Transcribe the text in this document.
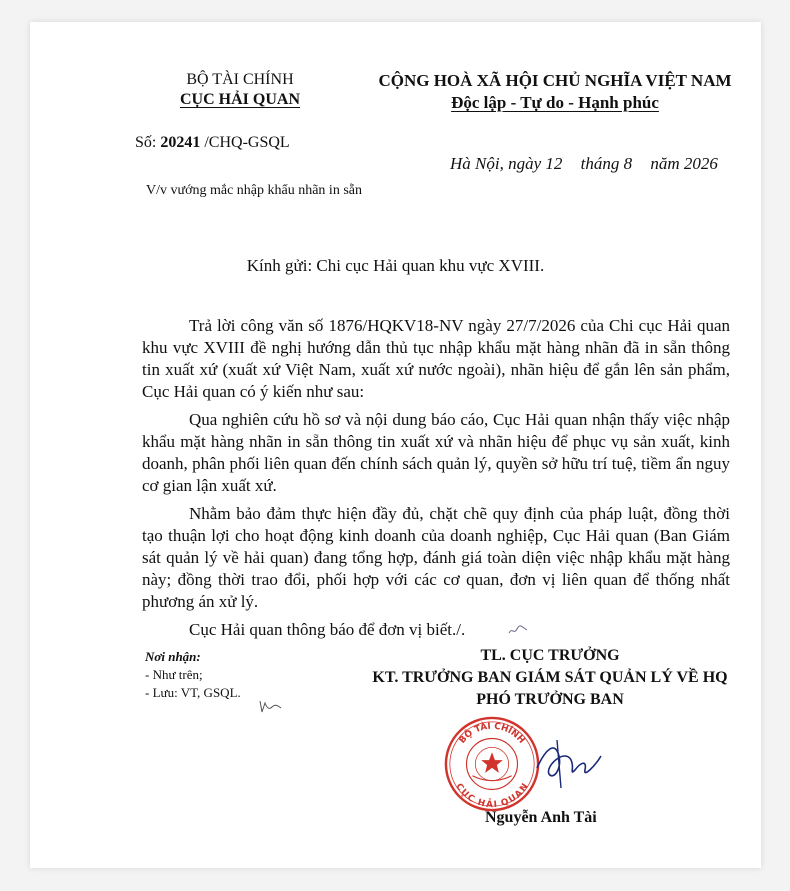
BỘ TÀI CHÍNH
CỤC HẢI QUAN
CỘNG HOÀ XÃ HỘI CHỦ NGHĨA VIỆT NAM
Độc lập - Tự do - Hạnh phúc
Số: 20241 /CHQ-GSQL
V/v vướng mắc nhập khẩu nhãn in sẵn
Hà Nội, ngày 12 tháng 8 năm 2026
Kính gửi: Chi cục Hải quan khu vực XVIII.

Trả lời công văn số 1876/HQKV18-NV ngày 27/7/2026 của Chi cục Hải quan khu vực XVIII đề nghị hướng dẫn thủ tục nhập khẩu mặt hàng nhãn đã in sẵn thông tin xuất xứ (xuất xứ Việt Nam, xuất xứ nước ngoài), nhãn hiệu để gắn lên sản phẩm, Cục Hải quan có ý kiến như sau:

Qua nghiên cứu hồ sơ và nội dung báo cáo, Cục Hải quan nhận thấy việc nhập khẩu mặt hàng nhãn in sẵn thông tin xuất xứ và nhãn hiệu để phục vụ sản xuất, kinh doanh, phân phối liên quan đến chính sách quản lý, quyền sở hữu trí tuệ, tiềm ẩn nguy cơ gian lận xuất xứ.

Nhằm bảo đảm thực hiện đầy đủ, chặt chẽ quy định của pháp luật, đồng thời tạo thuận lợi cho hoạt động kinh doanh của doanh nghiệp, Cục Hải quan (Ban Giám sát quản lý về hải quan) đang tổng hợp, đánh giá toàn diện việc nhập khẩu mặt hàng này; đồng thời trao đổi, phối hợp với các cơ quan, đơn vị liên quan để thống nhất phương án xử lý.

Cục Hải quan thông báo để đơn vị biết./.

Nơi nhận:
- Như trên;
- Lưu: VT, GSQL.
TL. CỤC TRƯỞNG
KT. TRƯỞNG BAN GIÁM SÁT QUẢN LÝ VỀ HQ
PHÓ TRƯỞNG BAN
BỘ TÀI CHÍNH
CỤC HẢI QUAN
Nguyễn Anh Tài
